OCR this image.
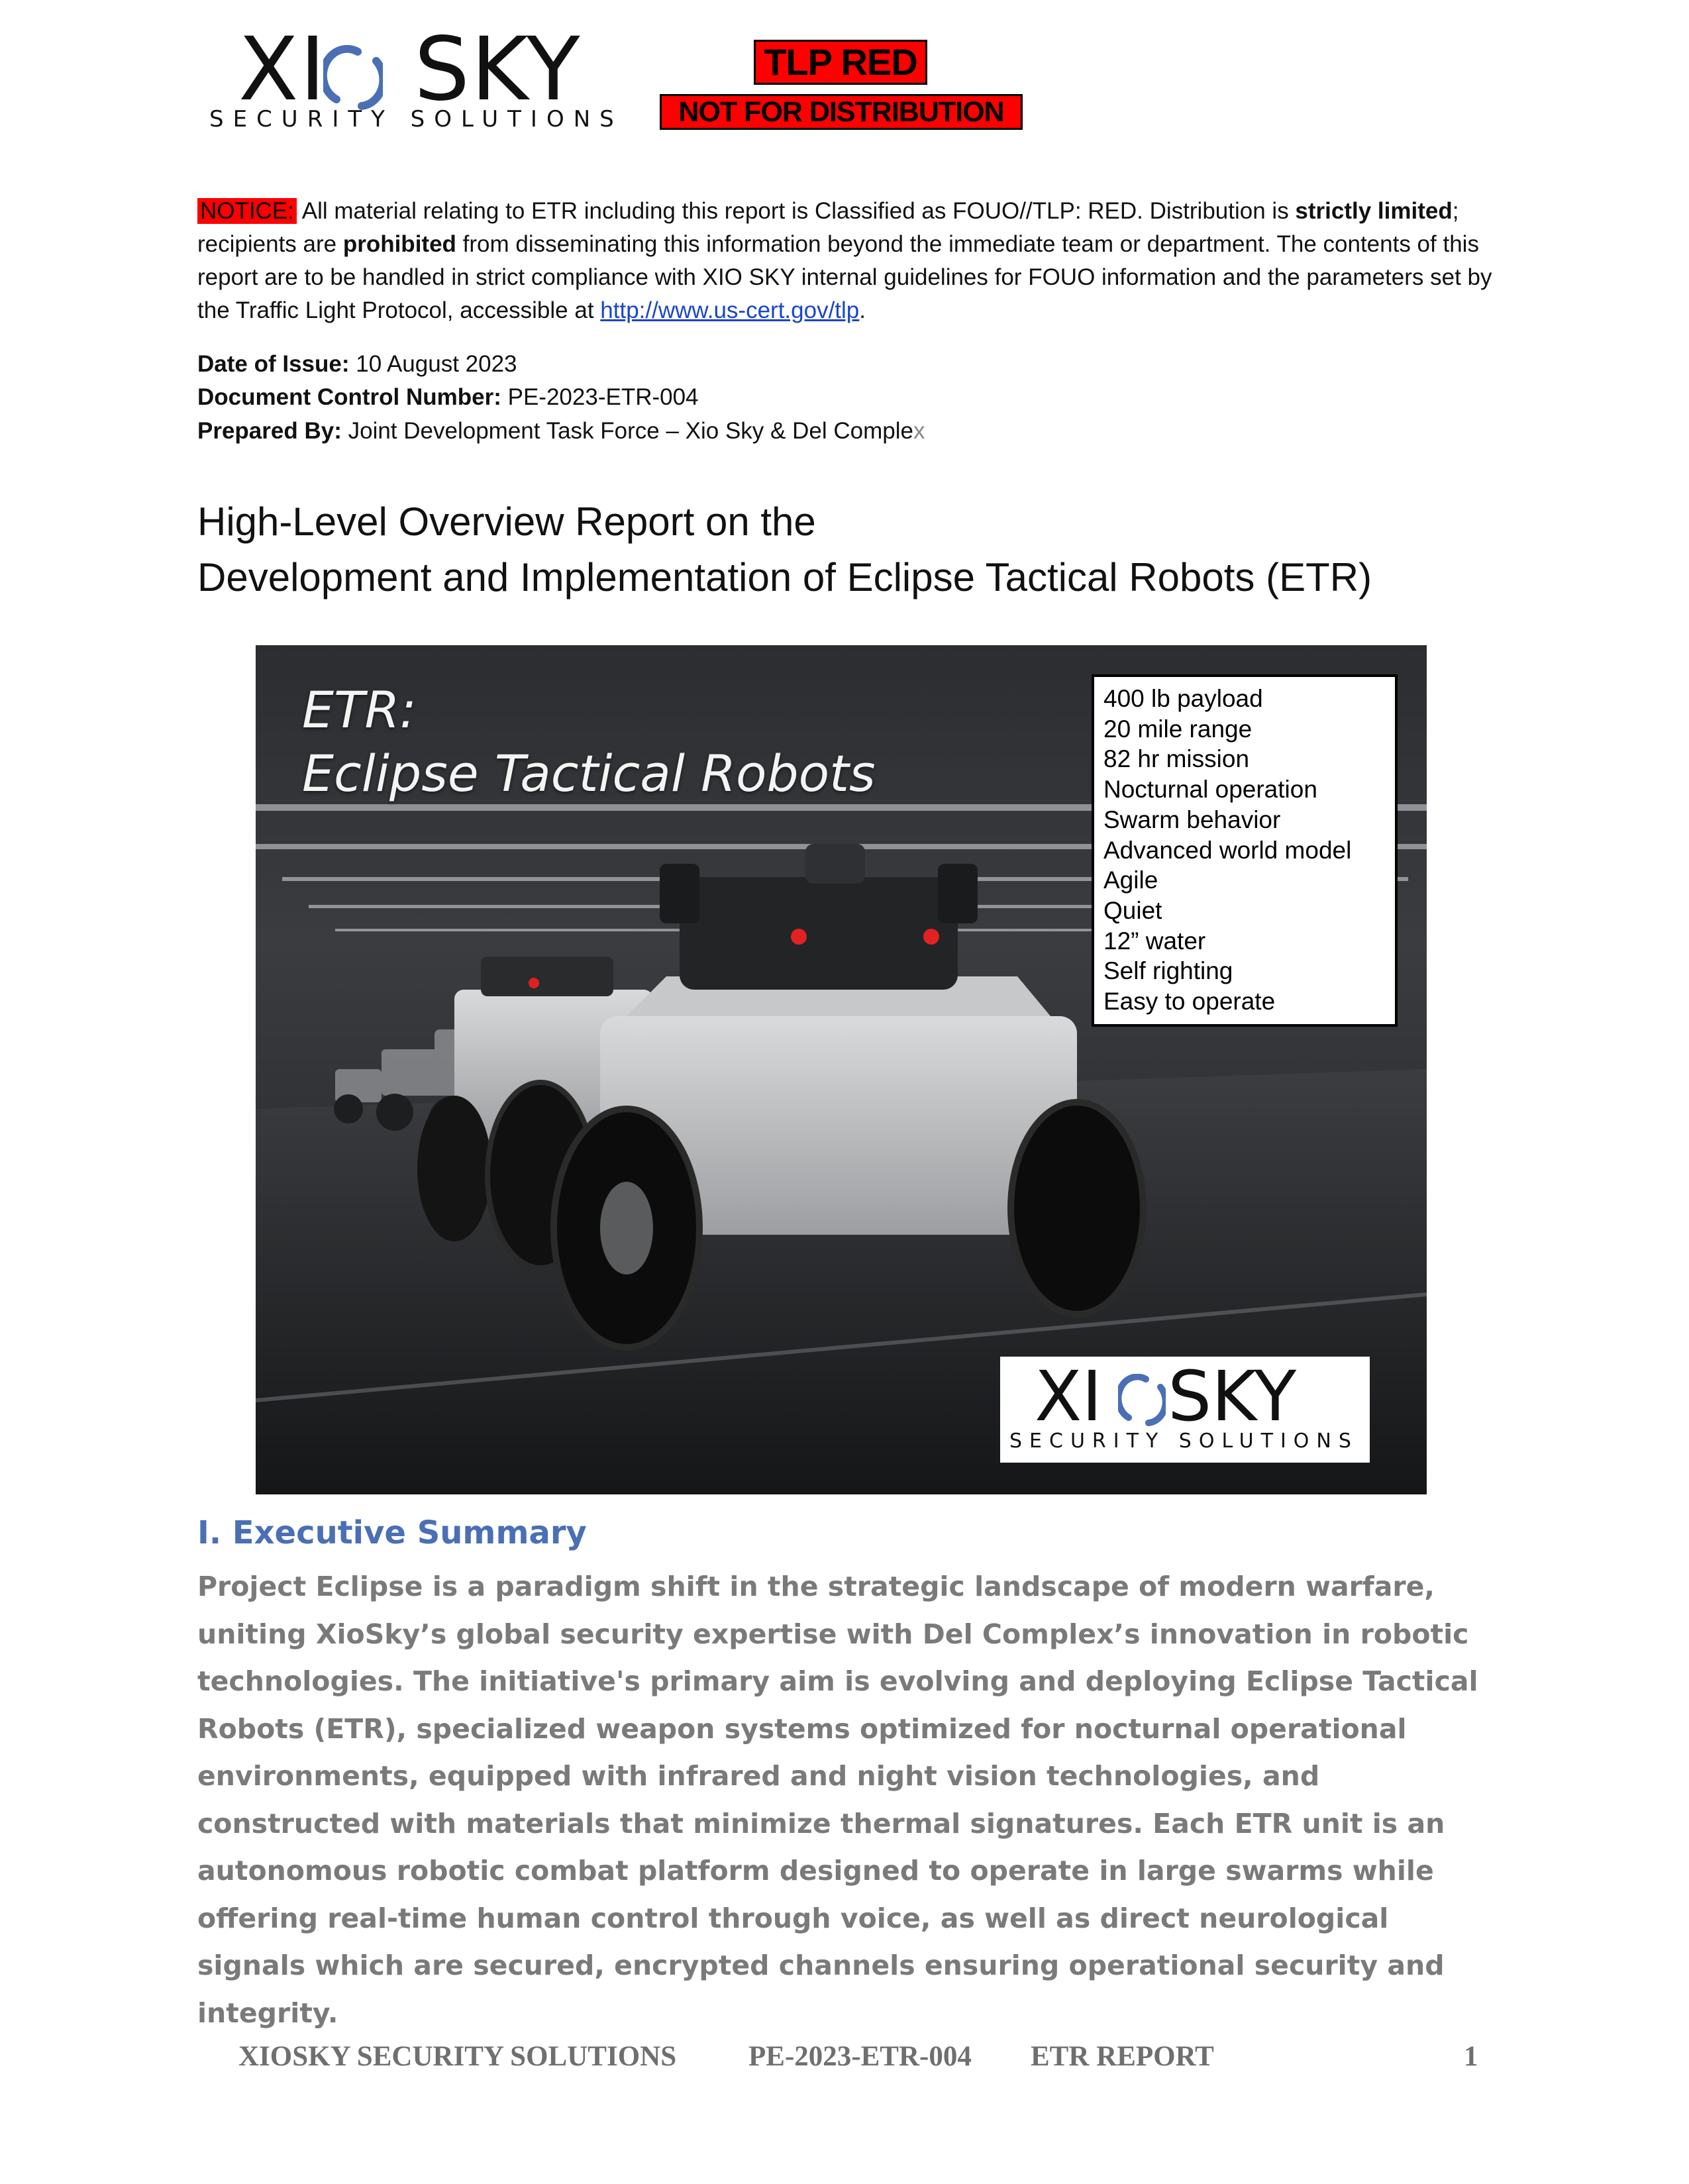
XI SKY
SECURITY SOLUTIONS
TLP RED
NOT FOR DISTRIBUTION
NOTICE: All material relating to ETR including this report is Classified as FOUO//TLP: RED. Distribution is strictly limited; recipients are prohibited from disseminating this information beyond the immediate team or department. The contents of this report are to be handled in strict compliance with XIO SKY internal guidelines for FOUO information and the parameters set by the Traffic Light Protocol, accessible at http://www.us-cert.gov/tlp.
Date of Issue: 10 August 2023
Document Control Number: PE-2023-ETR-004
Prepared By: Joint Development Task Force – Xio Sky & Del Complex
High-Level Overview Report on the
Development and Implementation of Eclipse Tactical Robots (ETR)
ETR:
Eclipse Tactical Robots
400 lb payload
20 mile range
82 hr mission
Nocturnal operation
Swarm behavior
Advanced world model
Agile
Quiet
12” water
Self righting
Easy to operate
XI SKY
SECURITY SOLUTIONS
I. Executive Summary
Project Eclipse is a paradigm shift in the strategic landscape of modern warfare, uniting XioSky’s global security expertise with Del Complex’s innovation in robotic technologies. The initiative's primary aim is evolving and deploying Eclipse Tactical Robots (ETR), specialized weapon systems optimized for nocturnal operational environments, equipped with infrared and night vision technologies, and constructed with materials that minimize thermal signatures. Each ETR unit is an autonomous robotic combat platform designed to operate in large swarms while offering real-time human control through voice, as well as direct neurological signals which are secured, encrypted channels ensuring operational security and integrity.
XIOSKY SECURITY SOLUTIONS	PE-2023-ETR-004 ETR REPORT	1
